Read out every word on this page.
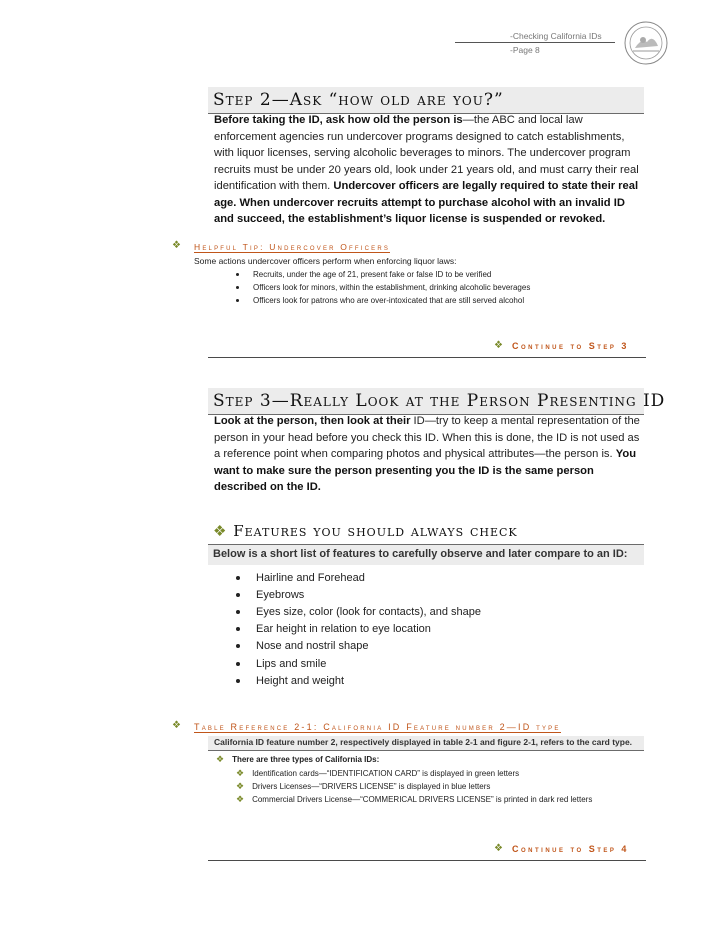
-Checking California IDs
-Page 8
Step 2—Ask “how old are you?”
Before taking the ID, ask how old the person is—the ABC and local law enforcement agencies run undercover programs designed to catch establishments, with liquor licenses, serving alcoholic beverages to minors. The undercover program recruits must be under 20 years old, look under 21 years old, and must carry their real identification with them. Undercover officers are legally required to state their real age. When undercover recruits attempt to purchase alcohol with an invalid ID and succeed, the establishment’s liquor license is suspended or revoked.
❖ Helpful Tip: Undercover Officers
Some actions undercover officers perform when enforcing liquor laws:
Recruits, under the age of 21, present fake or false ID to be verified
Officers look for minors, within the establishment, drinking alcoholic beverages
Officers look for patrons who are over-intoxicated that are still served alcohol
❖ Continue to Step 3
Step 3—Really Look at the Person Presenting ID
Look at the person, then look at their ID—try to keep a mental representation of the person in your head before you check this ID. When this is done, the ID is not used as a reference point when comparing photos and physical attributes—the person is. You want to make sure the person presenting you the ID is the same person described on the ID.
❖ Features you should always check
Below is a short list of features to carefully observe and later compare to an ID:
Hairline and Forehead
Eyebrows
Eyes size, color (look for contacts), and shape
Ear height in relation to eye location
Nose and nostril shape
Lips and smile
Height and weight
❖ Table Reference 2-1: California ID Feature number 2—ID type
California ID feature number 2, respectively displayed in table 2-1 and figure 2-1, refers to the card type.
❖ There are three types of California IDs:
❖ Identification cards—“IDENTIFICATION CARD” is displayed in green letters
❖ Drivers Licenses—“DRIVERS LICENSE” is displayed in blue letters
❖ Commercial Drivers License—“COMMERICAL DRIVERS LICENSE” is printed in dark red letters
❖ Continue to Step 4
